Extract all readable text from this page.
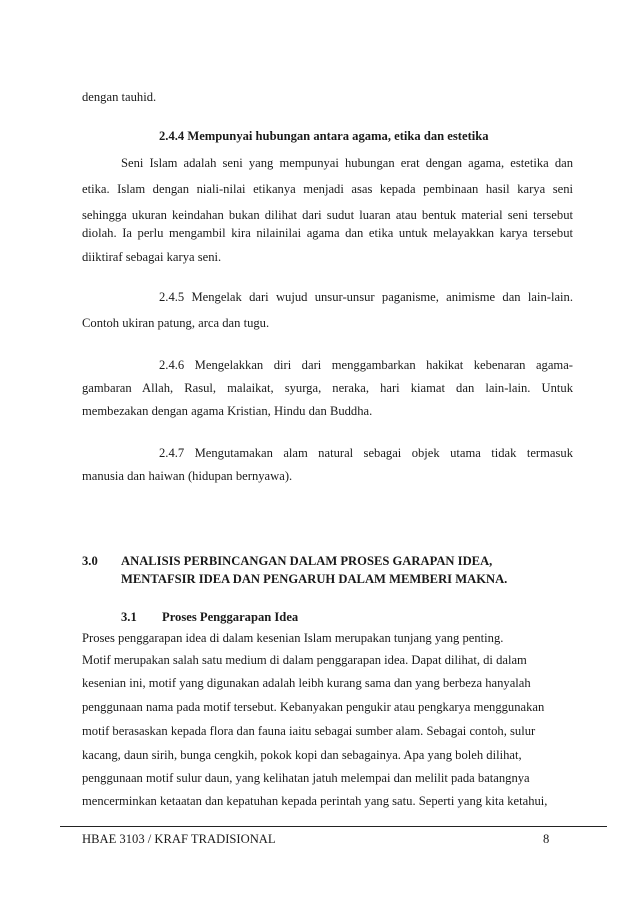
dengan tauhid.
2.4.4 Mempunyai hubungan antara agama, etika dan estetika
Seni Islam adalah seni yang mempunyai hubungan erat dengan agama, estetika dan
etika. Islam dengan niali-nilai etikanya menjadi asas kepada pembinaan hasil karya seni
sehingga ukuran keindahan bukan dilihat dari sudut luaran atau bentuk material seni tersebut
diolah. Ia perlu mengambil kira nilainilai agama dan etika untuk melayakkan karya tersebut
diiktiraf sebagai karya seni.
2.4.5 Mengelak dari wujud unsur-unsur paganisme, animisme dan lain-lain.
Contoh ukiran patung, arca dan tugu.
2.4.6 Mengelakkan diri dari menggambarkan hakikat kebenaran agama-
gambaran Allah, Rasul, malaikat, syurga, neraka, hari kiamat dan lain-lain. Untuk
membezakan dengan agama Kristian, Hindu dan Buddha.
2.4.7 Mengutamakan alam natural sebagai objek utama tidak termasuk
manusia dan haiwan (hidupan bernyawa).
3.0 ANALISIS PERBINCANGAN DALAM PROSES GARAPAN IDEA,
MENTAFSIR IDEA DAN PENGARUH DALAM MEMBERI MAKNA.
3.1 Proses Penggarapan Idea
Proses penggarapan idea di dalam kesenian Islam merupakan tunjang yang penting.
Motif merupakan salah satu medium di dalam penggarapan idea. Dapat dilihat, di dalam
kesenian ini, motif yang digunakan adalah leibh kurang sama dan yang berbeza hanyalah
penggunaan nama pada motif tersebut. Kebanyakan pengukir atau pengkarya menggunakan
motif berasaskan kepada flora dan fauna iaitu sebagai sumber alam. Sebagai contoh, sulur
kacang, daun sirih, bunga cengkih, pokok kopi dan sebagainya. Apa yang boleh dilihat,
penggunaan motif sulur daun, yang kelihatan jatuh melempai dan melilit pada batangnya
mencerminkan ketaatan dan kepatuhan kepada perintah yang satu. Seperti yang kita ketahui,
HBAE 3103 / KRAF TRADISIONAL	8
